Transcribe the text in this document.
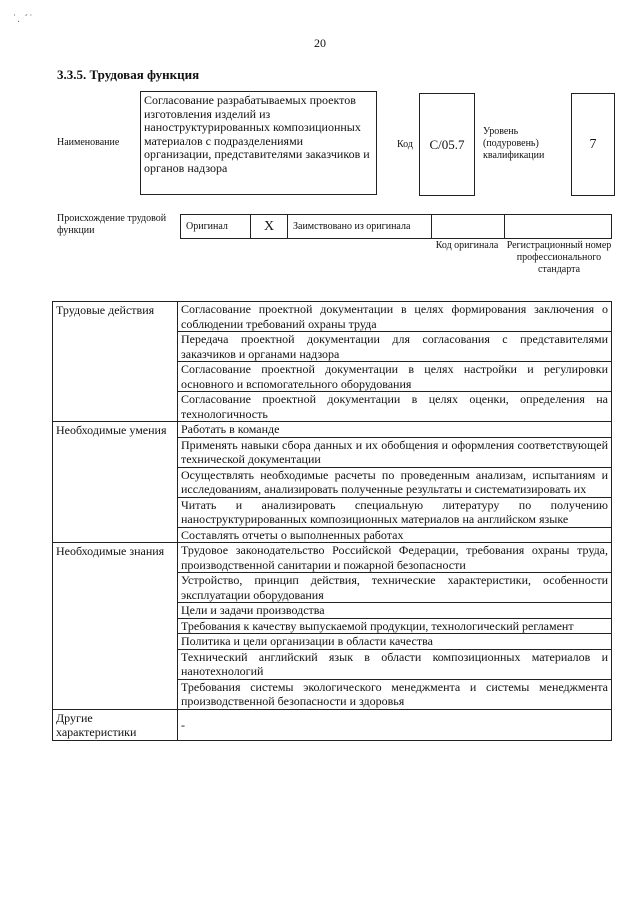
˙. ´˙
20
3.3.5. Трудовая функция
Наименование
Согласование разрабатываемых проектов изготовления изделий из наноструктурированных композиционных материалов с подразделениями организации, представителями заказчиков и органов надзора
Код	С/05.7
Уровень (подуровень) квалификации
7
Происхождение трудовой функции	Оригинал	X Заимствовано из оригинала
Код оригинала Регистрационный номер профессионального стандарта
Трудовые действия	Согласование проектной документации в целях формирования заключения о соблюдении требований охраны труда
	Передача проектной документации для согласования с представителями заказчиков и органами надзора
	Согласование проектной документации в целях настройки и регулировки основного и вспомогательного оборудования
	Согласование проектной документации в целях оценки, определения на технологичность
Необходимые умения	Работать в команде
	Применять навыки сбора данных и их обобщения и оформления соответствующей технической документации
	Осуществлять необходимые расчеты по проведенным анализам, испытаниям и исследованиям, анализировать полученные результаты и систематизировать их
	Читать и анализировать специальную литературу по получению наноструктурированных композиционных материалов на английском языке
	Составлять отчеты о выполненных работах
Необходимые знания	Трудовое законодательство Российской Федерации, требования охраны труда, производственной санитарии и пожарной безопасности
	Устройство, принцип действия, технические характеристики, особенности эксплуатации оборудования
	Цели и задачи производства
	Требования к качеству выпускаемой продукции, технологический регламент
	Политика и цели организации в области качества
	Технический английский язык в области композиционных материалов и нанотехнологий
	Требования системы экологического менеджмента и системы менеджмента производственной безопасности и здоровья
Другие характеристики	-
